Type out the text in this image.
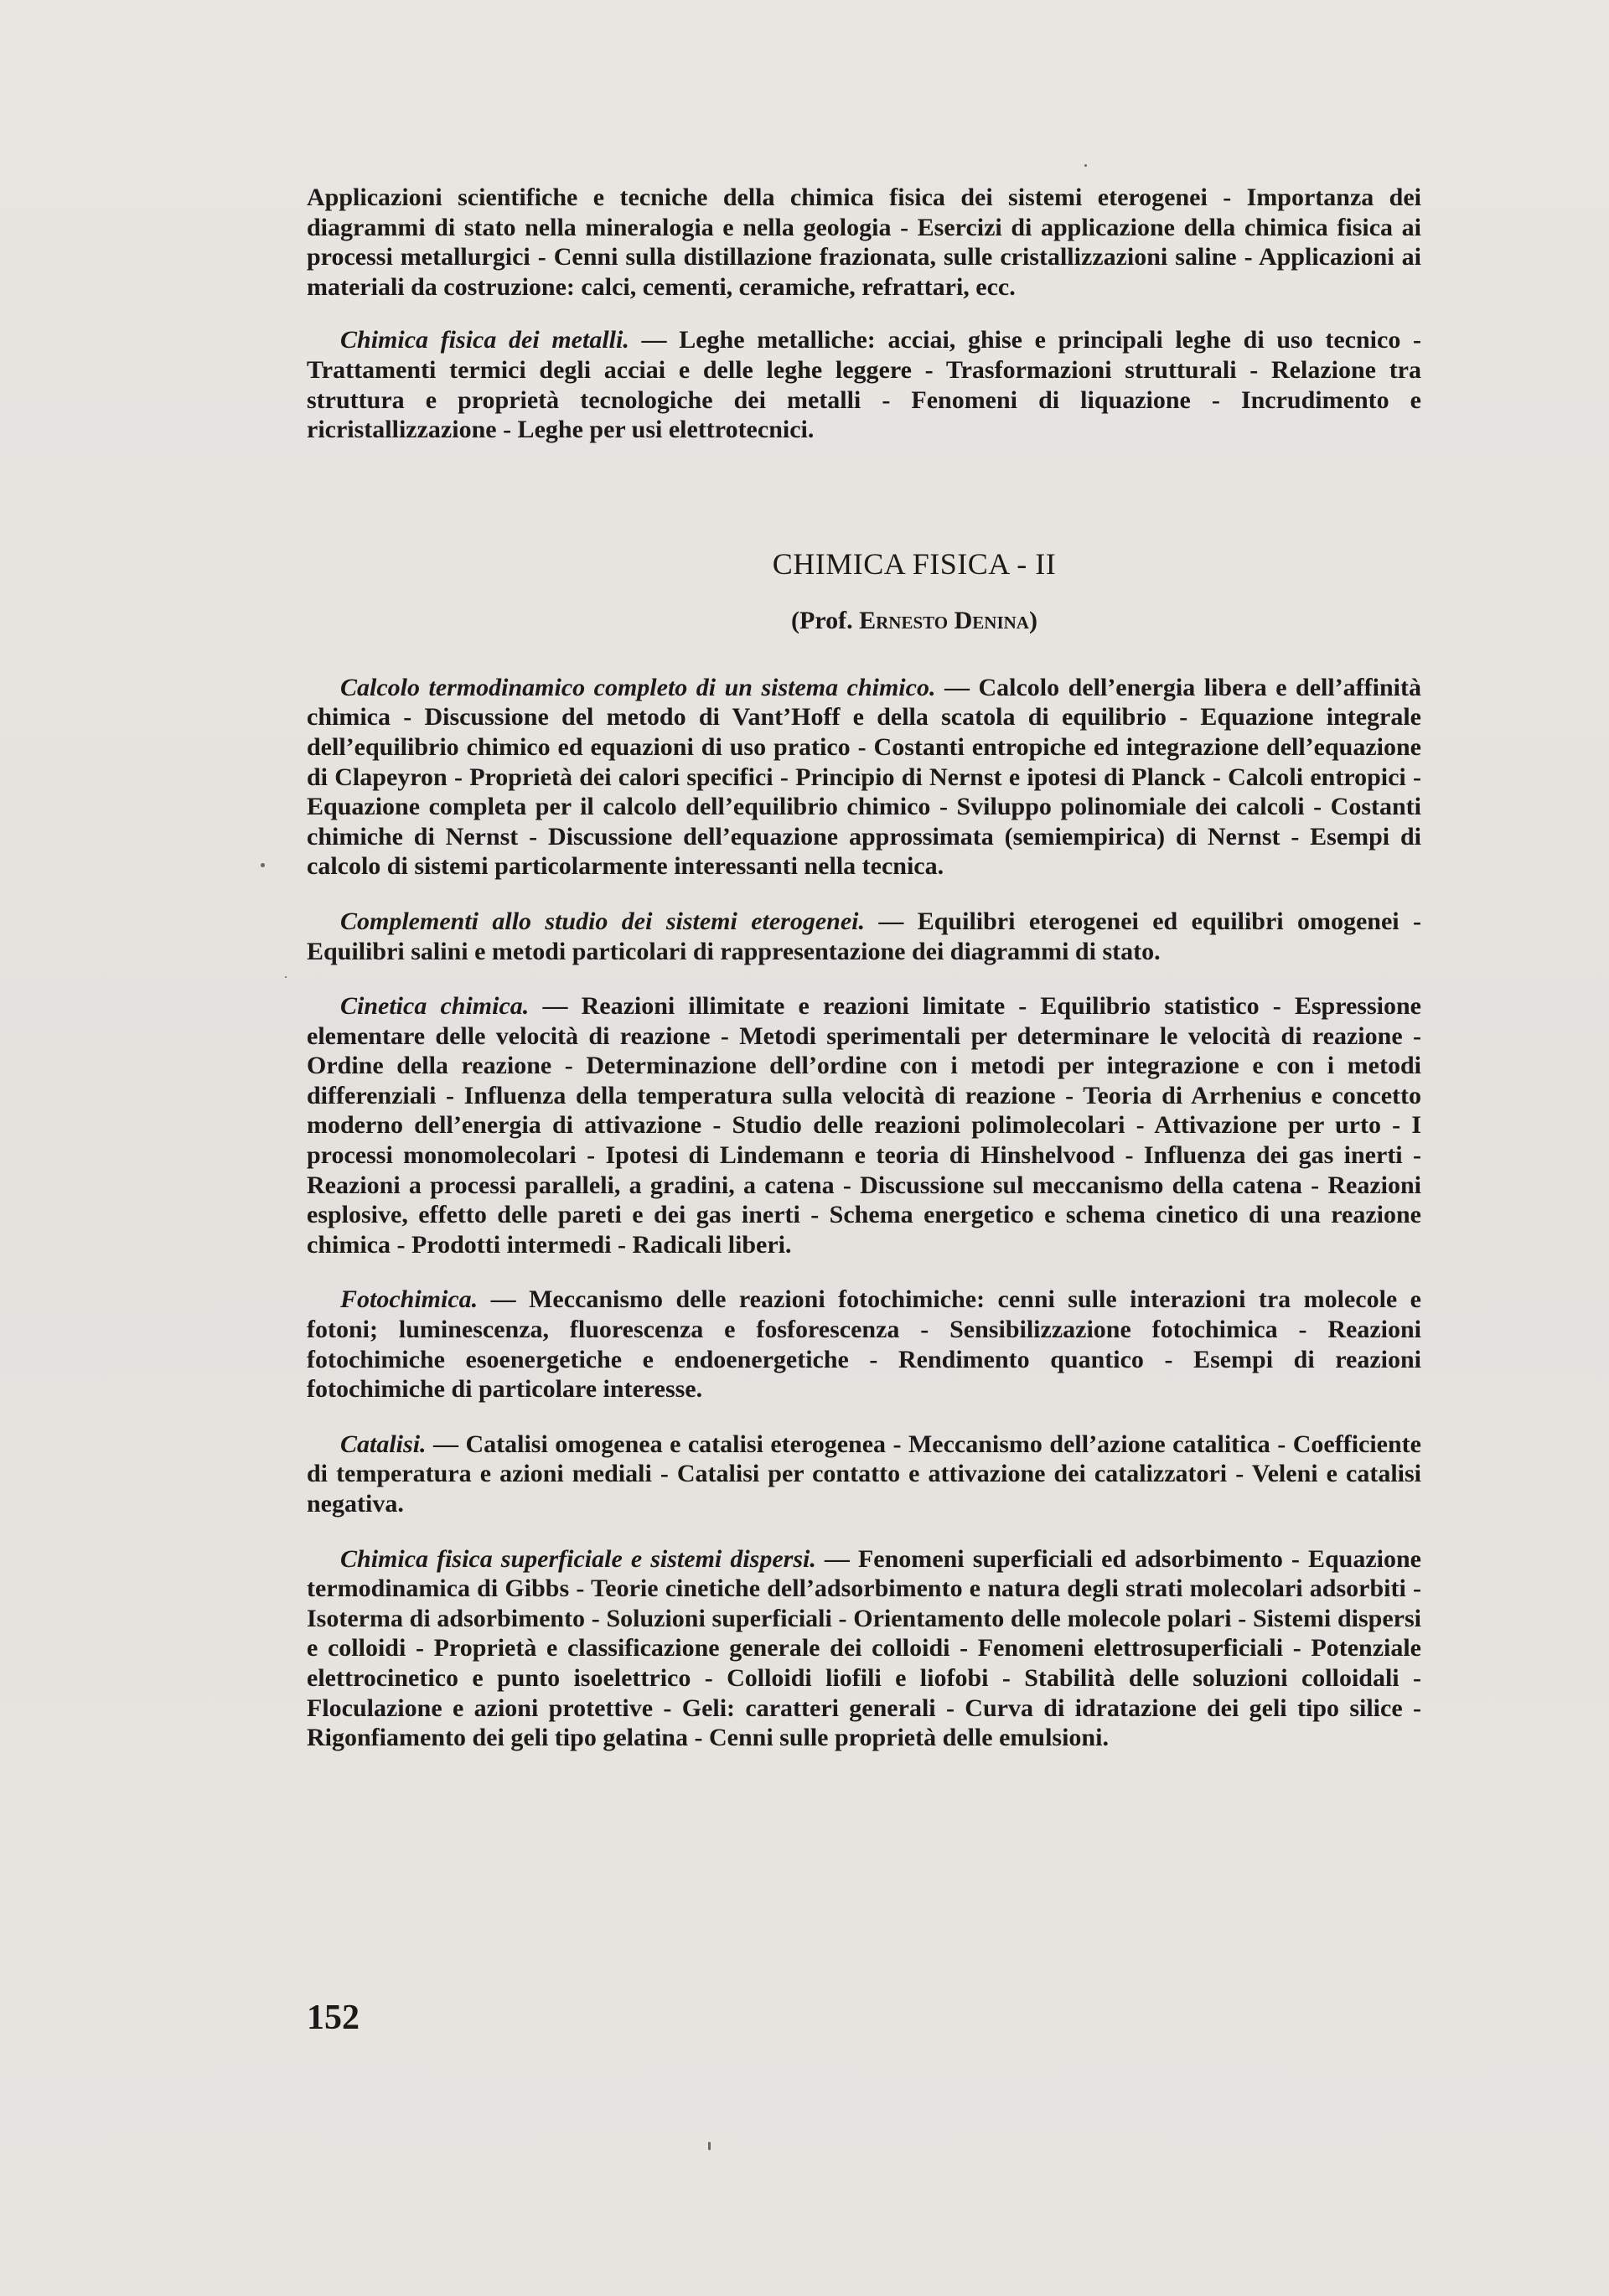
Applicazioni scientifiche e tecniche della chimica fisica dei sistemi eterogenei - Importanza dei diagrammi di stato nella mineralogia e nella geologia - Esercizi di applicazione della chimica fisica ai processi metallurgici - Cenni sulla distillazione frazionata, sulle cristallizzazioni saline - Applicazioni ai materiali da costruzione: calci, cementi, ceramiche, refrattari, ecc.

Chimica fisica dei metalli. — Leghe metalliche: acciai, ghise e principali leghe di uso tecnico - Trattamenti termici degli acciai e delle leghe leggere - Trasformazioni strutturali - Relazione tra struttura e proprietà tecnologiche dei metalli - Fenomeni di liquazione - Incrudimento e ricristallizzazione - Leghe per usi elettrotecnici.

CHIMICA FISICA - II

(Prof. Ernesto Denina)

Calcolo termodinamico completo di un sistema chimico. — Calcolo dell’energia libera e dell’affinità chimica - Discussione del metodo di Vant’Hoff e della scatola di equilibrio - Equazione integrale dell’equilibrio chimico ed equazioni di uso pratico - Costanti entropiche ed integrazione dell’equazione di Clapeyron - Proprietà dei calori specifici - Principio di Nernst e ipotesi di Planck - Calcoli entropici - Equazione completa per il calcolo dell’equilibrio chimico - Sviluppo polinomiale dei calcoli - Costanti chimiche di Nernst - Discussione dell’equazione approssimata (semiempirica) di Nernst - Esempi di calcolo di sistemi particolarmente interessanti nella tecnica.

Complementi allo studio dei sistemi eterogenei. — Equilibri eterogenei ed equilibri omogenei - Equilibri salini e metodi particolari di rappresentazione dei diagrammi di stato.

Cinetica chimica. — Reazioni illimitate e reazioni limitate - Equilibrio statistico - Espressione elementare delle velocità di reazione - Metodi sperimentali per determinare le velocità di reazione - Ordine della reazione - Determinazione dell’ordine con i metodi per integrazione e con i metodi differenziali - Influenza della temperatura sulla velocità di reazione - Teoria di Arrhenius e concetto moderno dell’energia di attivazione - Studio delle reazioni polimolecolari - Attivazione per urto - I processi monomolecolari - Ipotesi di Lindemann e teoria di Hinshelvood - Influenza dei gas inerti - Reazioni a processi paralleli, a gradini, a catena - Discussione sul meccanismo della catena - Reazioni esplosive, effetto delle pareti e dei gas inerti - Schema energetico e schema cinetico di una reazione chimica - Prodotti intermedi - Radicali liberi.

Fotochimica. — Meccanismo delle reazioni fotochimiche: cenni sulle interazioni tra molecole e fotoni; luminescenza, fluorescenza e fosforescenza - Sensibilizzazione fotochimica - Reazioni fotochimiche esoenergetiche e endoenergetiche - Rendimento quantico - Esempi di reazioni fotochimiche di particolare interesse.

Catalisi. — Catalisi omogenea e catalisi eterogenea - Meccanismo dell’azione catalitica - Coefficiente di temperatura e azioni mediali - Catalisi per contatto e attivazione dei catalizzatori - Veleni e catalisi negativa.

Chimica fisica superficiale e sistemi dispersi. — Fenomeni superficiali ed adsorbimento - Equazione termodinamica di Gibbs - Teorie cinetiche dell’adsorbimento e natura degli strati molecolari adsorbiti - Isoterma di adsorbimento - Soluzioni superficiali - Orientamento delle molecole polari - Sistemi dispersi e colloidi - Proprietà e classificazione generale dei colloidi - Fenomeni elettrosuperficiali - Potenziale elettrocinetico e punto isoelettrico - Colloidi liofili e liofobi - Stabilità delle soluzioni colloidali - Floculazione e azioni protettive - Geli: caratteri generali - Curva di idratazione dei geli tipo silice - Rigonfiamento dei geli tipo gelatina - Cenni sulle proprietà delle emulsioni.

152
